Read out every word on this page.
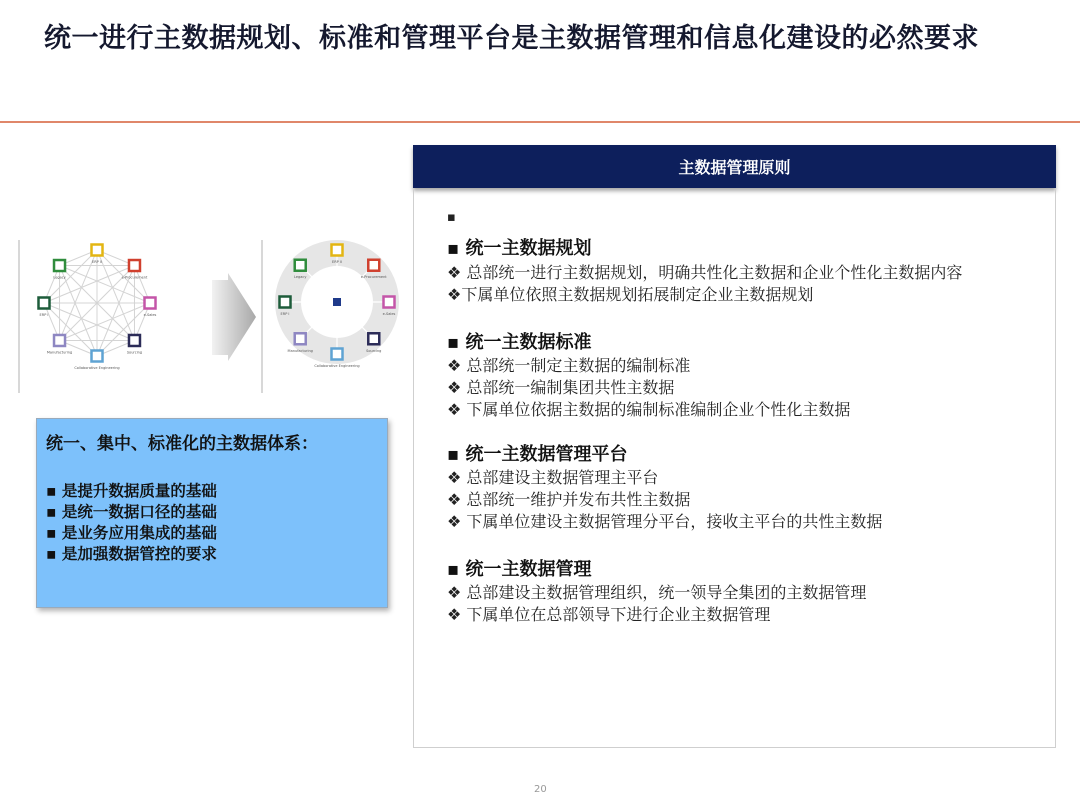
统一进行主数据规划、标准和管理平台是主数据管理和信息化建设的必然要求
ERP II
e-Procurement
e-Sales
Sourcing
Collaborative Engineering
Manufacturing
ERP I
Legacy
ERP II
e-Procurement
e-Sales
Sourcing
Collaborative Engineering
Manufacturing
ERP I
Legacy
统一、集中、标准化的主数据体系：
▪ 是提升数据质量的基础
▪ 是统一数据口径的基础
▪ 是业务应用集成的基础
▪ 是加强数据管控的要求
主数据管理原则
▪
▪ 统一主数据规划
❖ 总部统一进行主数据规划，明确共性化主数据和企业个性化主数据内容
❖下属单位依照主数据规划拓展制定企业主数据规划
▪ 统一主数据标准
❖ 总部统一制定主数据的编制标准
❖ 总部统一编制集团共性主数据
❖ 下属单位依据主数据的编制标准编制企业个性化主数据
▪ 统一主数据管理平台
❖ 总部建设主数据管理主平台
❖ 总部统一维护并发布共性主数据
❖ 下属单位建设主数据管理分平台，接收主平台的共性主数据
▪ 统一主数据管理
❖ 总部建设主数据管理组织，统一领导全集团的主数据管理
❖ 下属单位在总部领导下进行企业主数据管理
20
